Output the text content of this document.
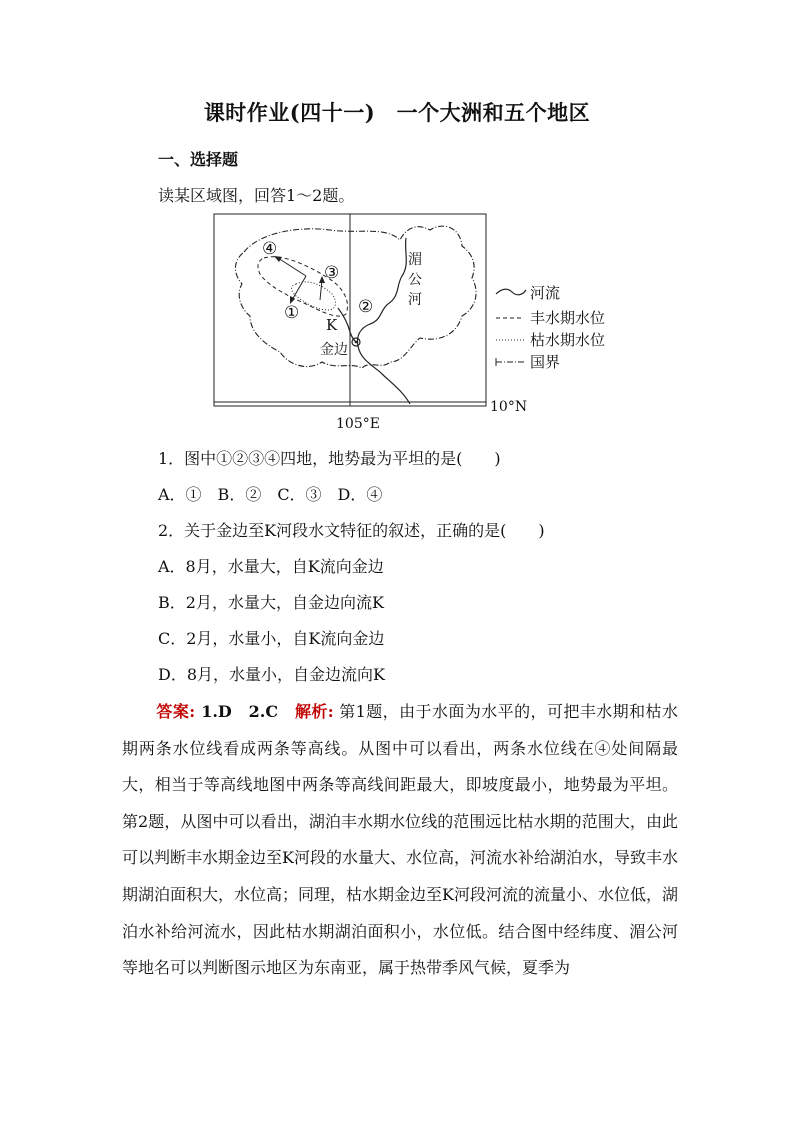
课时作业(四十一)　一个大洲和五个地区
一、选择题
读某区域图，回答1～2题。
④
③
①	②
K
金边
湄
公
河
105°E
10°N
河流
丰水期水位
枯水期水位
国界
1．图中①②③④四地，地势最为平坦的是(　　)
A．①　B．②　C．③　D．④
2．关于金边至K河段水文特征的叙述，正确的是(　　)
A．8月，水量大，自K流向金边
B．2月，水量大，自金边向流K
C．2月，水量小，自K流向金边
D．8月，水量小，自金边流向K
答案: 1.D　2.C　解析: 第1题，由于水面为水平的，可把丰水期和枯水期两条水位线看成两条等高线。从图中可以看出，两条水位线在④处间隔最大，相当于等高线地图中两条等高线间距最大，即坡度最小，地势最为平坦。第2题，从图中可以看出，湖泊丰水期水位线的范围远比枯水期的范围大，由此可以判断丰水期金边至K河段的水量大、水位高，河流水补给湖泊水，导致丰水期湖泊面积大，水位高；同理，枯水期金边至K河段河流的流量小、水位低，湖泊水补给河流水，因此枯水期湖泊面积小，水位低。结合图中经纬度、湄公河等地名可以判断图示地区为东南亚，属于热带季风气候，夏季为
